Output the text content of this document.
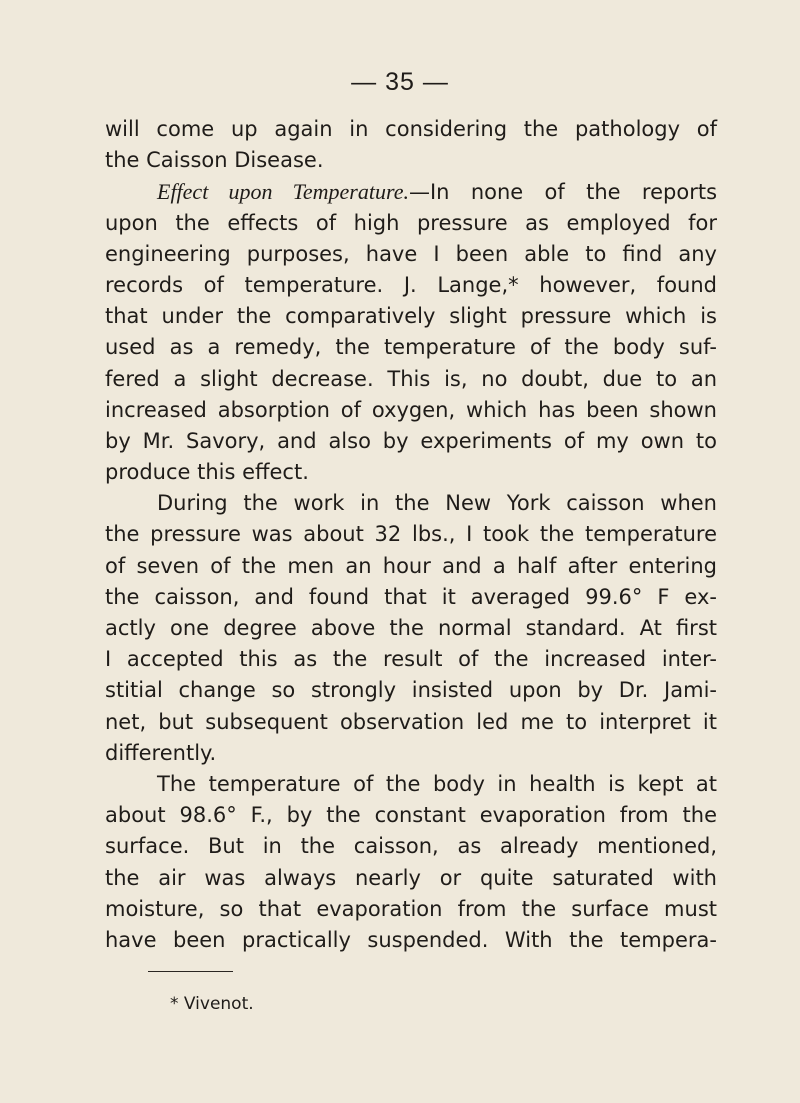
— 35 —
will come up again in considering the pathology of
the Caisson Disease.
Effect upon Temperature.—In none of the reports
upon the effects of high pressure as employed for
engineering purposes, have I been able to find any
records of temperature. J. Lange,* however, found
that under the comparatively slight pressure which is
used as a remedy, the temperature of the body suf-
fered a slight decrease. This is, no doubt, due to an
increased absorption of oxygen, which has been shown
by Mr. Savory, and also by experiments of my own to
produce this effect.
During the work in the New York caisson when
the pressure was about 32 lbs., I took the temperature
of seven of the men an hour and a half after entering
the caisson, and found that it averaged 99.6° F ex-
actly one degree above the normal standard. At first
I accepted this as the result of the increased inter-
stitial change so strongly insisted upon by Dr. Jami-
net, but subsequent observation led me to interpret it
differently.
The temperature of the body in health is kept at
about 98.6° F., by the constant evaporation from the
surface. But in the caisson, as already mentioned,
the air was always nearly or quite saturated with
moisture, so that evaporation from the surface must
have been practically suspended. With the tempera-
* Vivenot.
